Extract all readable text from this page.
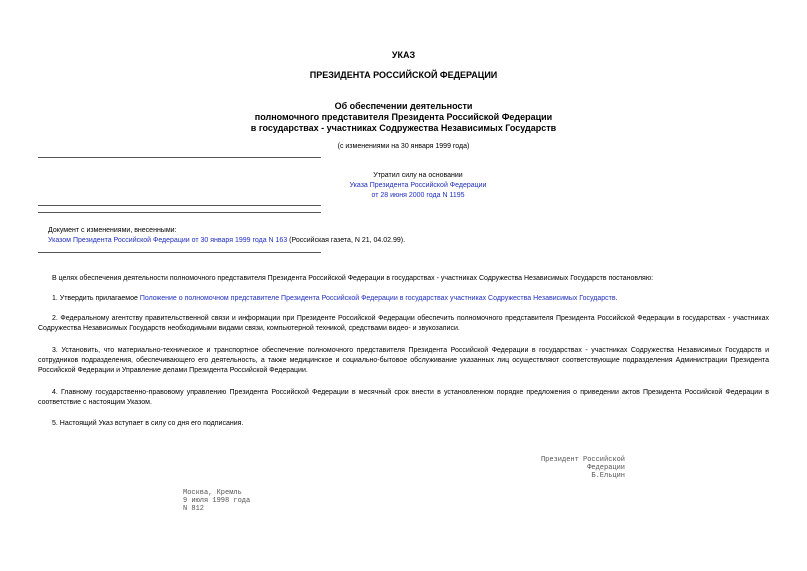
УКАЗ
ПРЕЗИДЕНТА РОССИЙСКОЙ ФЕДЕРАЦИИ
Об обеспечении деятельности
полномочного представителя Президента Российской Федерации
в государствах - участниках Содружества Независимых Государств
(с изменениями на 30 января 1999 года)
Утратил силу на основании
Указа Президента Российской Федерации
от 28 июня 2000 года N 1195
Документ с изменениями, внесенными:
Указом Президента Российской Федерации от 30 января 1999 года N 163 (Российская газета, N 21, 04.02.99).
В целях обеспечения деятельности полномочного представителя Президента Российской Федерации в государствах - участниках Содружества Независимых Государств постановляю:
1. Утвердить прилагаемое Положение о полномочном представителе Президента Российской Федерации в государствах участниках Содружества Независимых Государств.
2. Федеральному агентству правительственной связи и информации при Президенте Российской Федерации обеспечить полномочного представителя Президента Российской Федерации в государствах - участниках Содружества Независимых Государств необходимыми видами связи, компьютерной техникой, средствами видео- и звукозаписи.
3. Установить, что материально-техническое и транспортное обеспечение полномочного представителя Президента Российской Федерации в государствах - участниках Содружества Независимых Государств и сотрудников подразделения, обеспечивающего его деятельность, а также медицинское и социально-бытовое обслуживание указанных лиц осуществляют соответствующие подразделения Администрации Президента Российской Федерации и Управление делами Президента Российской Федерации.
4. Главному государственно-правовому управлению Президента Российской Федерации в месячный срок внести в установленном порядке предложения о приведении актов Президента Российской Федерации в соответствие с настоящим Указом.
5. Настоящий Указ вступает в силу со дня его подписания.
Президент Российской Федерации
Б.Ельцин
Москва, Кремль
9 июля 1998 года
N 812
